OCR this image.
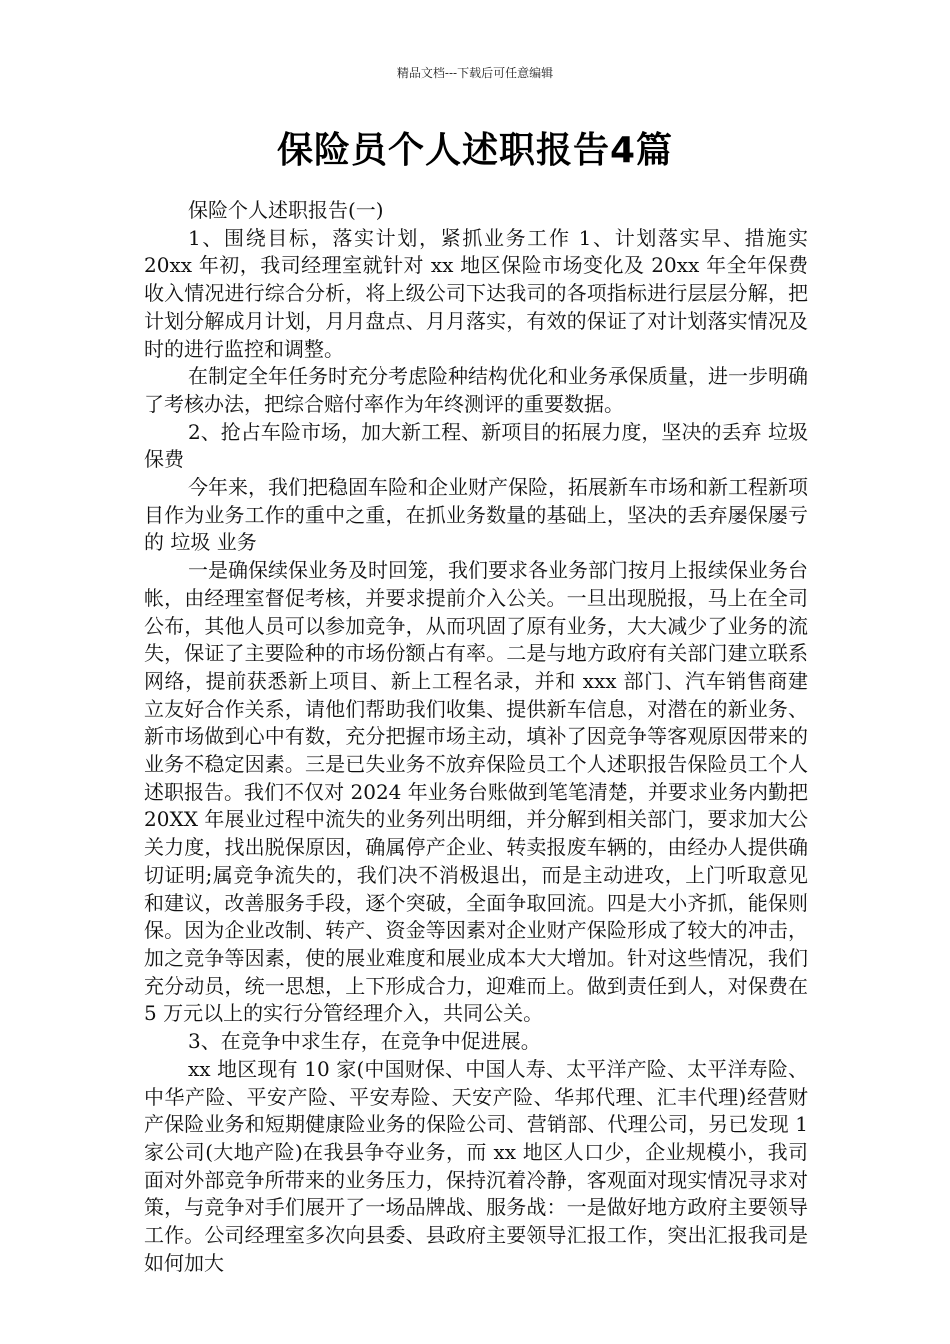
精品文档---下载后可任意编辑
保险员个人述职报告4篇

保险个人述职报告(一)

1、围绕目标，落实计划，紧抓业务工作 1、计划落实早、措施实 20xx 年初，我司经理室就针对 xx 地区保险市场变化及 20xx 年全年保费收入情况进行综合分析，将上级公司下达我司的各项指标进行层层分解，把计划分解成月计划，月月盘点、月月落实，有效的保证了对计划落实情况及时的进行监控和调整。

在制定全年任务时充分考虑险种结构优化和业务承保质量，进一步明确了考核办法，把综合赔付率作为年终测评的重要数据。

2、抢占车险市场，加大新工程、新项目的拓展力度，坚决的丢弃 垃圾保费

今年来，我们把稳固车险和企业财产保险，拓展新车市场和新工程新项目作为业务工作的重中之重，在抓业务数量的基础上，坚决的丢弃屡保屡亏的 垃圾 业务

一是确保续保业务及时回笼，我们要求各业务部门按月上报续保业务台帐，由经理室督促考核，并要求提前介入公关。一旦出现脱报，马上在全司公布，其他人员可以参加竞争，从而巩固了原有业务，大大减少了业务的流失，保证了主要险种的市场份额占有率。二是与地方政府有关部门建立联系网络，提前获悉新上项目、新上工程名录，并和 xxx 部门、汽车销售商建立友好合作关系，请他们帮助我们收集、提供新车信息，对潜在的新业务、新市场做到心中有数，充分把握市场主动，填补了因竞争等客观原因带来的业务不稳定因素。三是已失业务不放弃保险员工个人述职报告保险员工个人述职报告。我们不仅对 2024 年业务台账做到笔笔清楚，并要求业务内勤把 20XX 年展业过程中流失的业务列出明细，并分解到相关部门，要求加大公关力度，找出脱保原因，确属停产企业、转卖报废车辆的，由经办人提供确切证明;属竞争流失的，我们决不消极退出，而是主动进攻，上门听取意见和建议，改善服务手段，逐个突破，全面争取回流。四是大小齐抓，能保则保。因为企业改制、转产、资金等因素对企业财产保险形成了较大的冲击，加之竞争等因素，使的展业难度和展业成本大大增加。针对这些情况，我们充分动员，统一思想，上下形成合力，迎难而上。做到责任到人，对保费在 5 万元以上的实行分管经理介入，共同公关。

3、在竞争中求生存，在竞争中促进展。

xx 地区现有 10 家(中国财保、中国人寿、太平洋产险、太平洋寿险、中华产险、平安产险、平安寿险、天安产险、华邦代理、汇丰代理)经营财产保险业务和短期健康险业务的保险公司、营销部、代理公司，另已发现 1 家公司(大地产险)在我县争夺业务，而 xx 地区人口少，企业规模小，我司面对外部竞争所带来的业务压力，保持沉着冷静，客观面对现实情况寻求对策，与竞争对手们展开了一场品牌战、服务战：一是做好地方政府主要领导工作。公司经理室多次向县委、县政府主要领导汇报工作，突出汇报我司是如何加大
